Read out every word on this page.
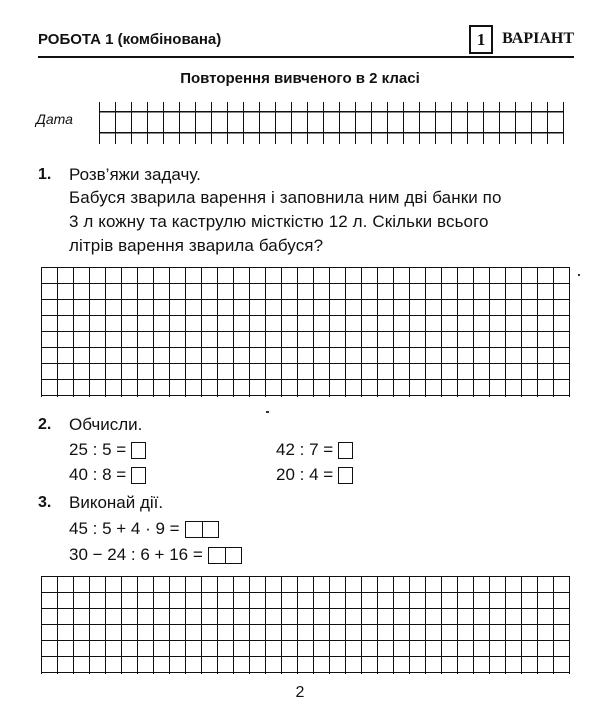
РОБОТА 1 (комбінована)	1	ВАРІАНТ
Повторення вивченого в 2 класі
Дата
1. Розв’яжи задачу.
Бабуся зварила варення і заповнила ним дві банки по
3 л кожну та каструлю місткістю 12 л. Скільки всього
літрів варення зварила бабуся?
2. Обчисли.
25 : 5 =	42 : 7 =
40 : 8 =	20 : 4 =
3. Виконай дії.
45 : 5 + 4 · 9 =
30 − 24 : 6 + 16 =
2
